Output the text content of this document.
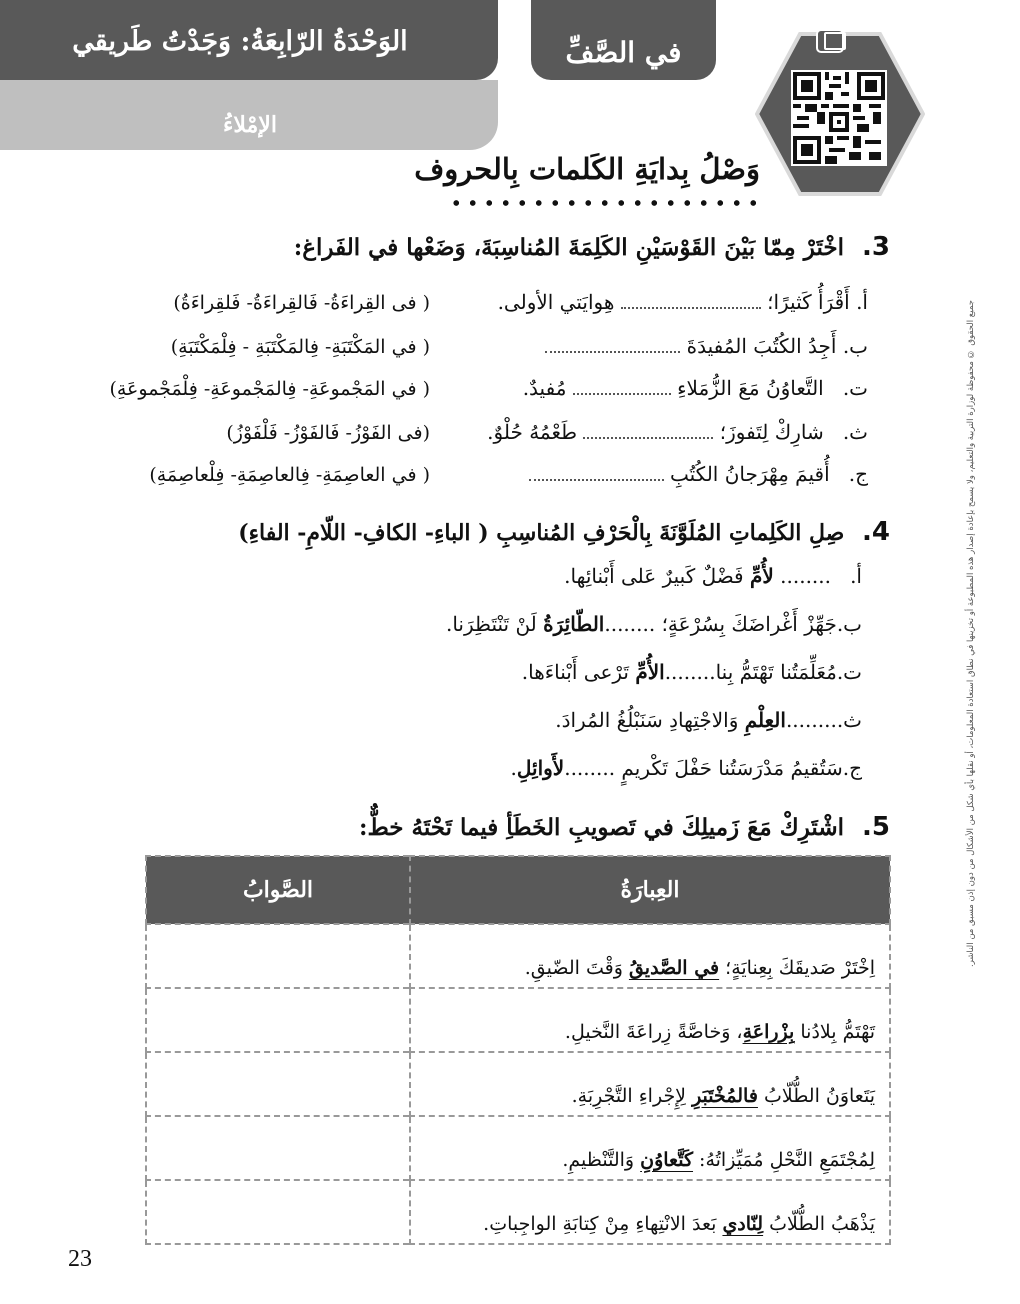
الوَحْدَةُ الرّابِعَةُ: وَجَدْتُ طَريقي
الإمْلاءُ
في الصَّفِّ
وَصْلُ بِدايَةِ الكَلمات بِالحروف
3. اخْتَرْ مِمّا بَيْنَ القَوْسَيْنِ الكَلِمَةَ المُناسِبَةَ، وَضَعْها في الفَراغ:
أ. أَقْرَأُ كَثيرًا؛  هِوايَتي الأولى.
( فى القِراءَةُ- فَالقِراءَةُ- فَلقِراءَةُ)
ب. أَجِدُ الكُتُبَ المُفيدَةَ
( في المَكْتَبَةِ- فِالمَكْتَبَةِ - فِلْمَكْتَبَةِ)
ت.   التَّعاوُنُ مَعَ الزُّمَلاءِ  مُفيدٌ.
( في المَجْموعَةِ- فِالمَجْموعَةِ- فِلْمَجْموعَةِ)
ث.   شارِكْ لِتَفوزَ؛  طَعْمُهُ حُلْوٌ.
(فى الفَوْزُ- فَالفَوْزُ- فَلْفَوْزُ)
ج.   أُقيمَ مِهْرَجانُ الكُتُبِ
( في العاصِمَةِ- فِالعاصِمَةِ- فِلْعاصِمَةِ)
4. صِلِ الكَلِماتِ المُلَوَّنَةَ بِالْحَرْفِ المُناسِبِ ( الباءِ- الكافِ- اللّامِ- الفاءِ)
أ.   ........ لأُمِّ فَضْلٌ كَبيرٌ عَلى أَبْنائِها.
ب.جَهِّزْ أَغْراضَكَ بِسُرْعَةٍ؛ ........الطّائِرَةُ لَنْ تَنْتَظِرَنا.
ت.مُعَلِّمَتُنا تَهْتَمُّ بِنا........الأُمِّ تَرْعى أَبْناءَها.
ث.........العِلْمِ وَالاجْتِهادِ سَنَبْلُغُ المُرادَ.
ج.سَتُقيمُ مَدْرَسَتُنا حَفْلَ تَكْريمٍ ........لأَوائِلِ.
5. اشْتَرِكْ مَعَ زَميلِكَ في تَصويبِ الخَطَأِ فيما تَحْتَهُ خطٌّ:
العِبارَةُ	الصَّوابُ
اِخْتَرْ صَديقَكَ بِعِنايَةٍ؛ في الصَّديقُ وَقْتَ الضّيقِ.	
تَهْتَمُّ بِلادُنا بِزْراعَةِ، وَخاصَّةً زِراعَةَ النَّخيلِ.	
يَتَعاوَنُ الطُّلّابُ فالمُخْتَبَرِ لِإِجْراءِ التَّجْرِبَةِ.	
لِمُجْتَمَعِ النَّحْلِ مُمَيِّزاتُهُ: كَتَّعاوُنِ وَالتَّنْظيمِ.	
يَذْهَبُ الطُّلّابُ لِنّادي بَعدَ الانْتِهاءِ مِنْ كِتابَةِ الواجِباتِ.	
جميع الحقوق © محفوظة لوزارة التربية والتعليم، ولا يسمح بإعادة إصدار هذه المطبوعة أو تخزينها في نطاق استعادة المعلومات، أو نقلها بأي شكل من الأشكال من دون إذن مسبق من الناشر.
23
